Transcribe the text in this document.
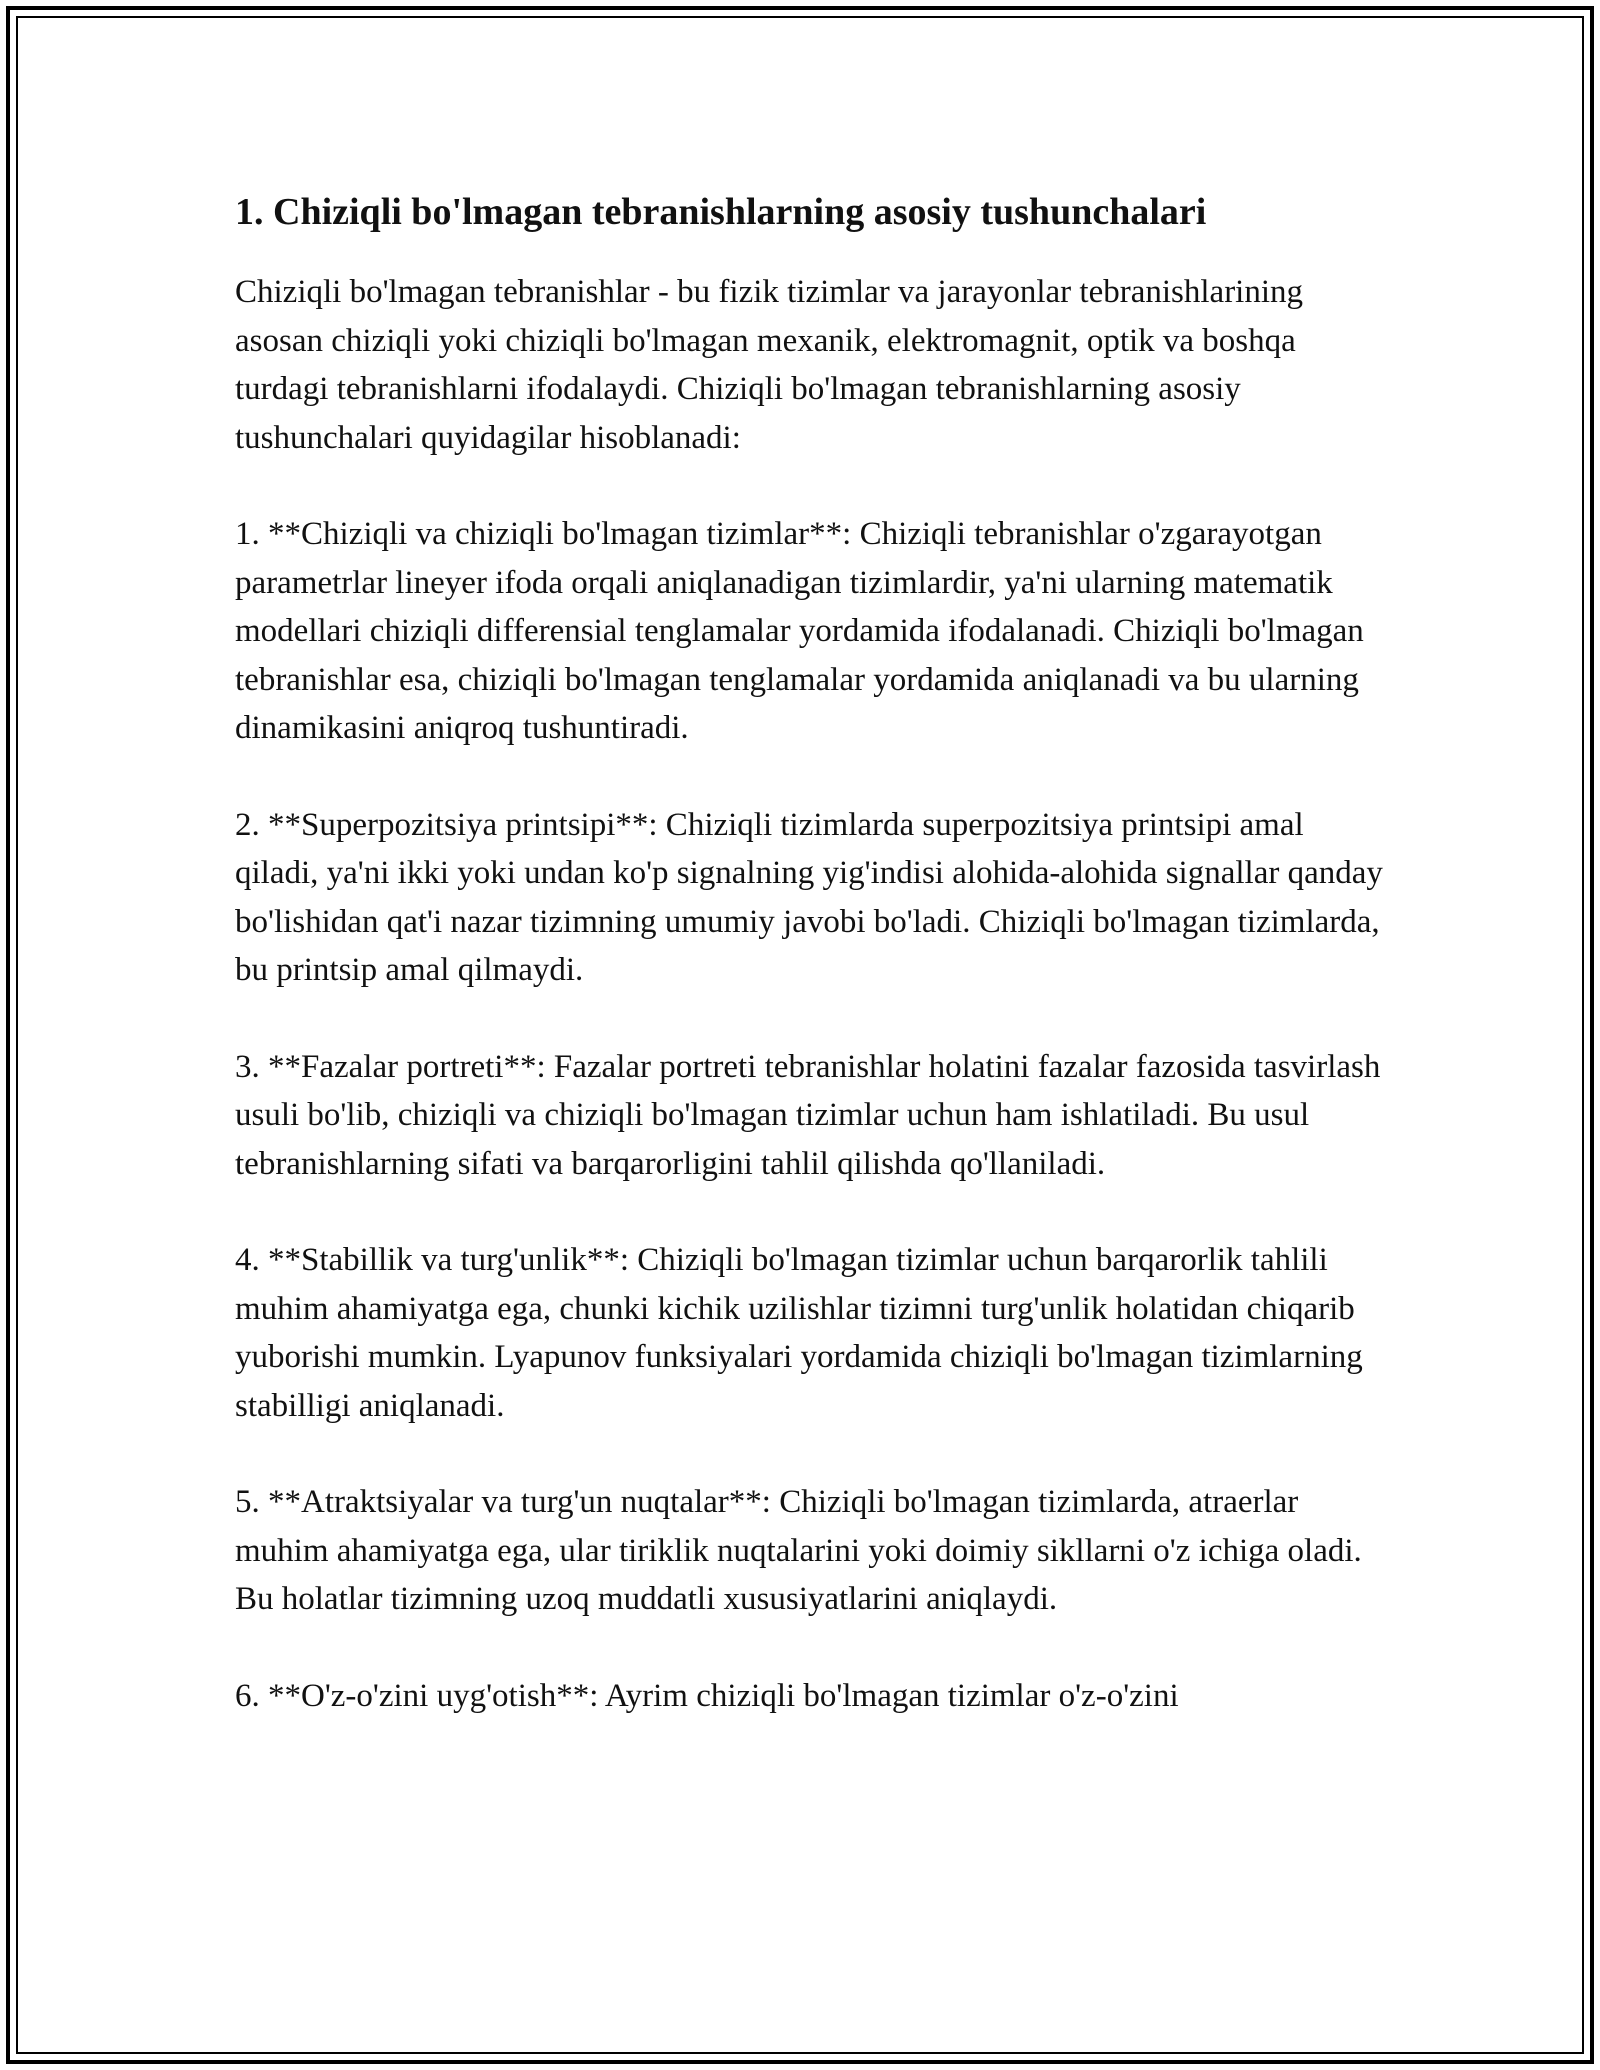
1. Chiziqli bo'lmagan tebranishlarning asosiy tushunchalari

Chiziqli bo'lmagan tebranishlar - bu fizik tizimlar va jarayonlar tebranishlarining asosan chiziqli yoki chiziqli bo'lmagan mexanik, elektromagnit, optik va boshqa turdagi tebranishlarni ifodalaydi. Chiziqli bo'lmagan tebranishlarning asosiy tushunchalari quyidagilar hisoblanadi:

1. **Chiziqli va chiziqli bo'lmagan tizimlar**: Chiziqli tebranishlar o'zgarayotgan parametrlar lineyer ifoda orqali aniqlanadigan tizimlardir, ya'ni ularning matematik modellari chiziqli differensial tenglamalar yordamida ifodalanadi. Chiziqli bo'lmagan tebranishlar esa, chiziqli bo'lmagan tenglamalar yordamida aniqlanadi va bu ularning dinamikasini aniqroq tushuntiradi.

2. **Superpozitsiya printsipi**: Chiziqli tizimlarda superpozitsiya printsipi amal qiladi, ya'ni ikki yoki undan ko'p signalning yig'indisi alohida-alohida signallar qanday bo'lishidan qat'i nazar tizimning umumiy javobi bo'ladi. Chiziqli bo'lmagan tizimlarda, bu printsip amal qilmaydi.

3. **Fazalar portreti**: Fazalar portreti tebranishlar holatini fazalar fazosida tasvirlash usuli bo'lib, chiziqli va chiziqli bo'lmagan tizimlar uchun ham ishlatiladi. Bu usul tebranishlarning sifati va barqarorligini tahlil qilishda qo'llaniladi.

4. **Stabillik va turg'unlik**: Chiziqli bo'lmagan tizimlar uchun barqarorlik tahlili muhim ahamiyatga ega, chunki kichik uzilishlar tizimni turg'unlik holatidan chiqarib yuborishi mumkin. Lyapunov funksiyalari yordamida chiziqli bo'lmagan tizimlarning stabilligi aniqlanadi.

5. **Atraktsiyalar va turg'un nuqtalar**: Chiziqli bo'lmagan tizimlarda, atraerlar muhim ahamiyatga ega, ular tiriklik nuqtalarini yoki doimiy sikllarni o'z ichiga oladi. Bu holatlar tizimning uzoq muddatli xususiyatlarini aniqlaydi.

6. **O'z-o'zini uyg'otish**: Ayrim chiziqli bo'lmagan tizimlar o'z-o'zini
